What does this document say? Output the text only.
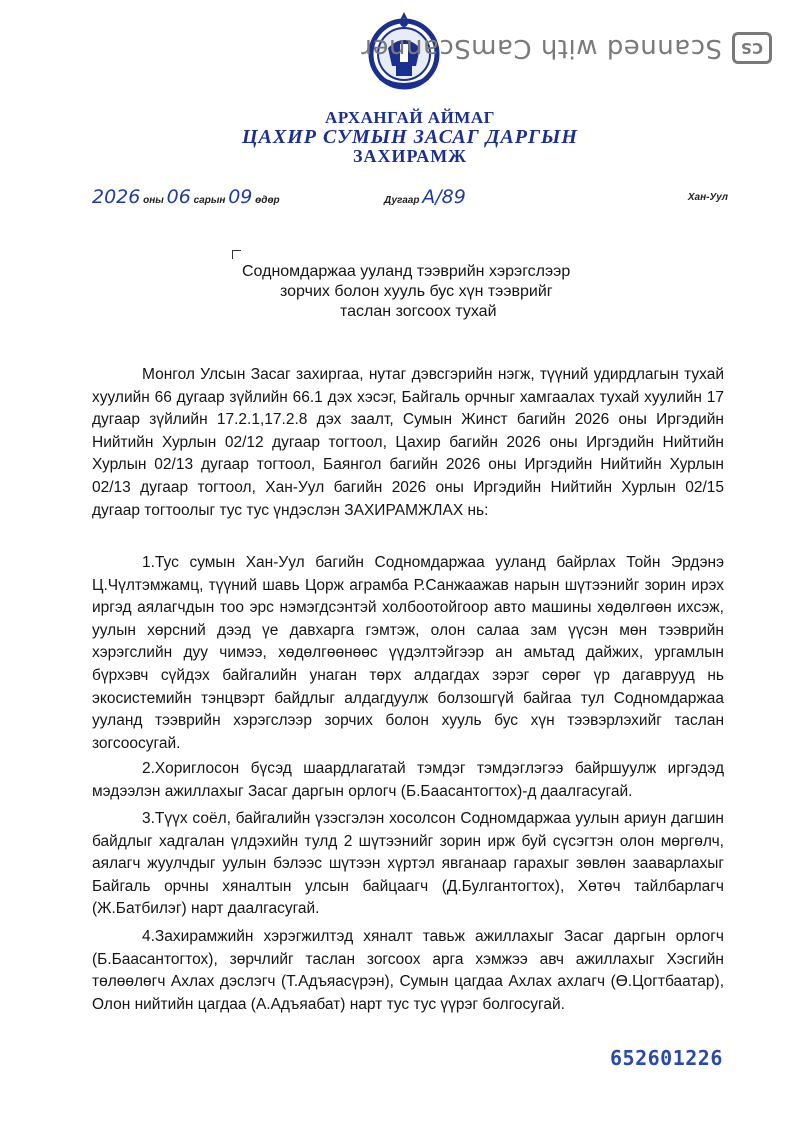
CS
Scanned with CamScanner
АРХАНГАЙ АЙМАГ
ЦАХИР СУМЫН ЗАСАГ ДАРГЫН
ЗАХИРАМЖ
2026 оны 06 сарын 09 өдөр	Дугаар А/89	Хан-Уул
Содномдаржаа ууланд тээврийн хэрэгслээр
зорчих болон хууль бус хүн тээврийг
таслан зогсоох тухай
Монгол Улсын Засаг захиргаа, нутаг дэвсгэрийн нэгж, түүний удирдлагын тухай хуулийн 66 дугаар зүйлийн 66.1 дэх хэсэг, Байгаль орчныг хамгаалах тухай хуулийн 17 дугаар зүйлийн 17.2.1,17.2.8 дэх заалт, Сумын Жинст багийн 2026 оны Иргэдийн Нийтийн Хурлын 02/12 дугаар тогтоол, Цахир багийн 2026 оны Иргэдийн Нийтийн Хурлын 02/13 дугаар тогтоол, Баянгол багийн 2026 оны Иргэдийн Нийтийн Хурлын 02/13 дугаар тогтоол, Хан-Уул багийн 2026 оны Иргэдийн Нийтийн Хурлын 02/15 дугаар тогтоолыг тус тус үндэслэн ЗАХИРАМЖЛАХ нь:
1.Тус сумын Хан-Уул багийн Содномдаржаа ууланд байрлах Тойн Эрдэнэ Ц.Чүлтэмжамц, түүний шавь Цорж аграмба Р.Санжаажав нарын шүтээнийг зорин ирэх иргэд аялагчдын тоо эрс нэмэгдсэнтэй холбоотойгоор авто машины хөдөлгөөн ихсэж, уулын хөрсний дээд үе давхарга гэмтэж, олон салаа зам үүсэн мөн тээврийн хэрэгслийн дуу чимээ, хөдөлгөөнөөс үүдэлтэйгээр ан амьтад дайжих, ургамлын бүрхэвч сүйдэх байгалийн унаган төрх алдагдах зэрэг сөрөг үр дагаврууд нь экосистемийн тэнцвэрт байдлыг алдагдуулж болзошгүй байгаа тул Содномдаржаа ууланд тээврийн хэрэгслээр зорчих болон хууль бус хүн тээвэрлэхийг таслан зогсоосугай.
2.Хориглосон бүсэд шаардлагатай тэмдэг тэмдэглэгээ байршуулж иргэдэд мэдээлэн ажиллахыг Засаг даргын орлогч (Б.Баасантогтох)-д даалгасугай.
3.Түүх соёл, байгалийн үзэсгэлэн хосолсон Содномдаржаа уулын ариун дагшин байдлыг хадгалан үлдэхийн тулд 2 шүтээнийг зорин ирж буй сүсэгтэн олон мөргөлч, аялагч жуулчдыг уулын бэлээс шүтээн хүртэл явганаар гарахыг зөвлөн зааварлахыг Байгаль орчны хяналтын улсын байцаагч (Д.Булгантогтох), Хөтөч тайлбарлагч (Ж.Батбилэг) нарт даалгасугай.
4.Захирамжийн хэрэгжилтэд хяналт тавьж ажиллахыг Засаг даргын орлогч (Б.Баасантогтох), зөрчлийг таслан зогсоох арга хэмжээ авч ажиллахыг Хэсгийн төлөөлөгч Ахлах дэслэгч (Т.Адъяасүрэн), Сумын цагдаа Ахлах ахлагч (Ө.Цогтбаатар), Олон нийтийн цагдаа (А.Адъяабат) нарт тус тус үүрэг болгосугай.
652601226
